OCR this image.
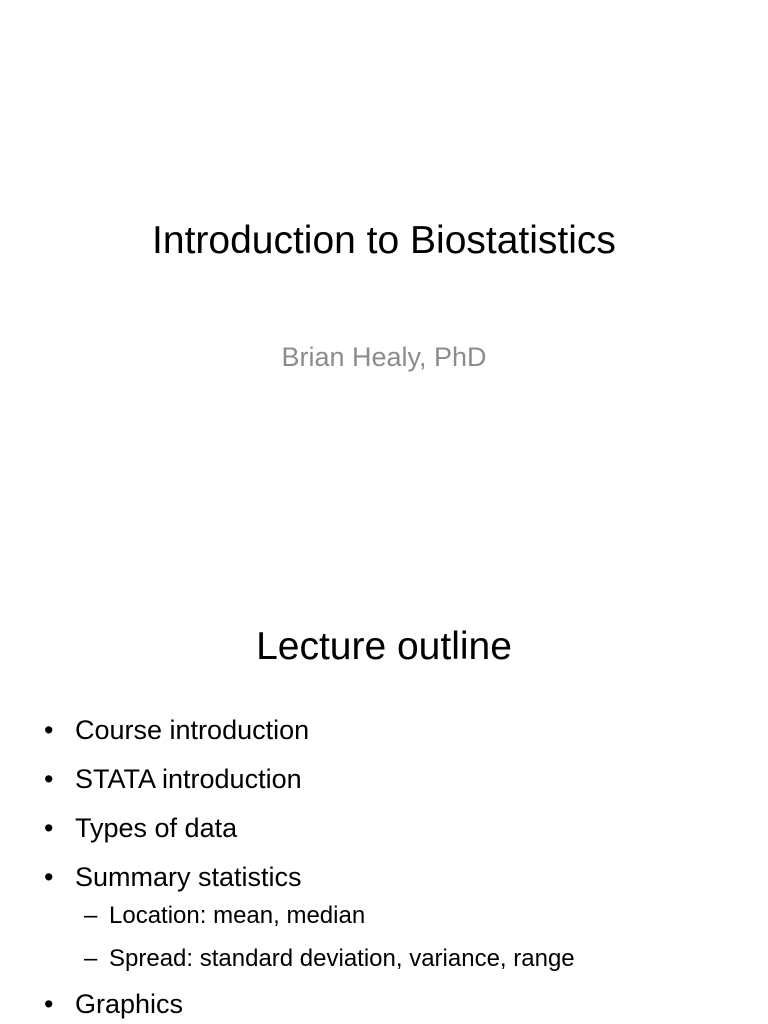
Introduction to Biostatistics
Brian Healy, PhD
Lecture outline
• Course introduction
• STATA introduction
• Types of data
• Summary statistics
– Location: mean, median
– Spread: standard deviation, variance, range
• Graphics
